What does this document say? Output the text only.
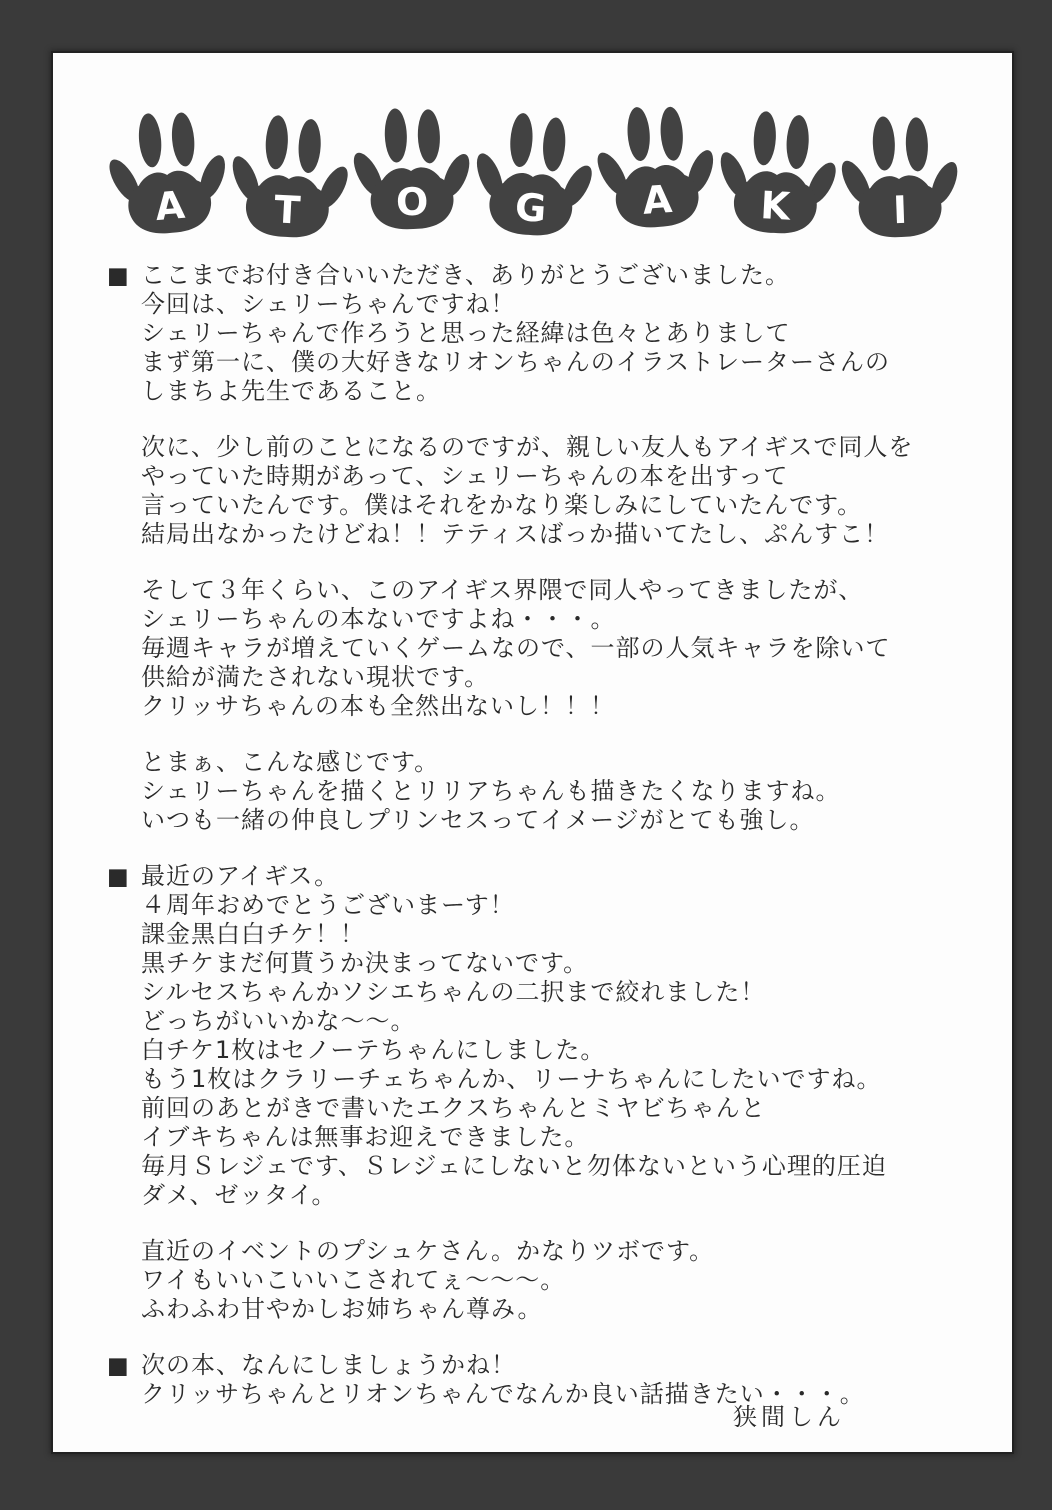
A T O G A K	I
■ ここまでお付き合いいただき、ありがとうございました。
今回は、シェリーちゃんですね！
シェリーちゃんで作ろうと思った経緯は色々とありまして
まず第一に、僕の大好きなリオンちゃんのイラストレーターさんの
しまちよ先生であること。
次に、少し前のことになるのですが、親しい友人もアイギスで同人を
やっていた時期があって、シェリーちゃんの本を出すって
言っていたんです。僕はそれをかなり楽しみにしていたんです。
結局出なかったけどね！！テティスばっか描いてたし、ぷんすこ！
そして３年くらい、このアイギス界隈で同人やってきましたが、
シェリーちゃんの本ないですよね・・・。
毎週キャラが増えていくゲームなので、一部の人気キャラを除いて
供給が満たされない現状です。
クリッサちゃんの本も全然出ないし！！！
とまぁ、こんな感じです。
シェリーちゃんを描くとリリアちゃんも描きたくなりますね。
いつも一緒の仲良しプリンセスってイメージがとても強し。
■ 最近のアイギス。
４周年おめでとうございまーす！
課金黒白白チケ！！
黒チケまだ何貰うか決まってないです。
シルセスちゃんかソシエちゃんの二択まで絞れました！
どっちがいいかな～～。
白チケ1枚はセノーテちゃんにしました。
もう1枚はクラリーチェちゃんか、リーナちゃんにしたいですね。
前回のあとがきで書いたエクスちゃんとミヤビちゃんと
イブキちゃんは無事お迎えできました。
毎月Ｓレジェです、Ｓレジェにしないと勿体ないという心理的圧迫
ダメ、ゼッタイ。
直近のイベントのプシュケさん。かなりツボです。
ワイもいいこいいこされてぇ～～～。
ふわふわ甘やかしお姉ちゃん尊み。
■ 次の本、なんにしましょうかね！
クリッサちゃんとリオンちゃんでなんか良い話描きたい・・・。
狭間しん
